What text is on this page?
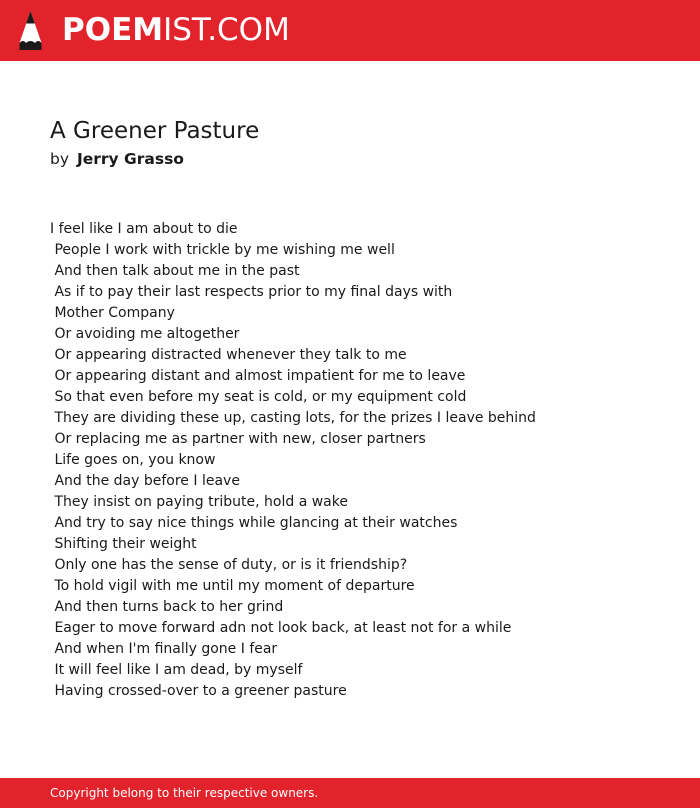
POEMIST.COM
A Greener Pasture
by Jerry Grasso
I feel like I am about to die
People I work with trickle by me wishing me well
And then talk about me in the past
As if to pay their last respects prior to my final days with
Mother Company
Or avoiding me altogether
Or appearing distracted whenever they talk to me
Or appearing distant and almost impatient for me to leave
So that even before my seat is cold, or my equipment cold
They are dividing these up, casting lots, for the prizes I leave behind
Or replacing me as partner with new, closer partners
Life goes on, you know
And the day before I leave
They insist on paying tribute, hold a wake
And try to say nice things while glancing at their watches
Shifting their weight
Only one has the sense of duty, or is it friendship?
To hold vigil with me until my moment of departure
And then turns back to her grind
Eager to move forward adn not look back, at least not for a while
And when I'm finally gone I fear
It will feel like I am dead, by myself
Having crossed-over to a greener pasture
Copyright belong to their respective owners.
